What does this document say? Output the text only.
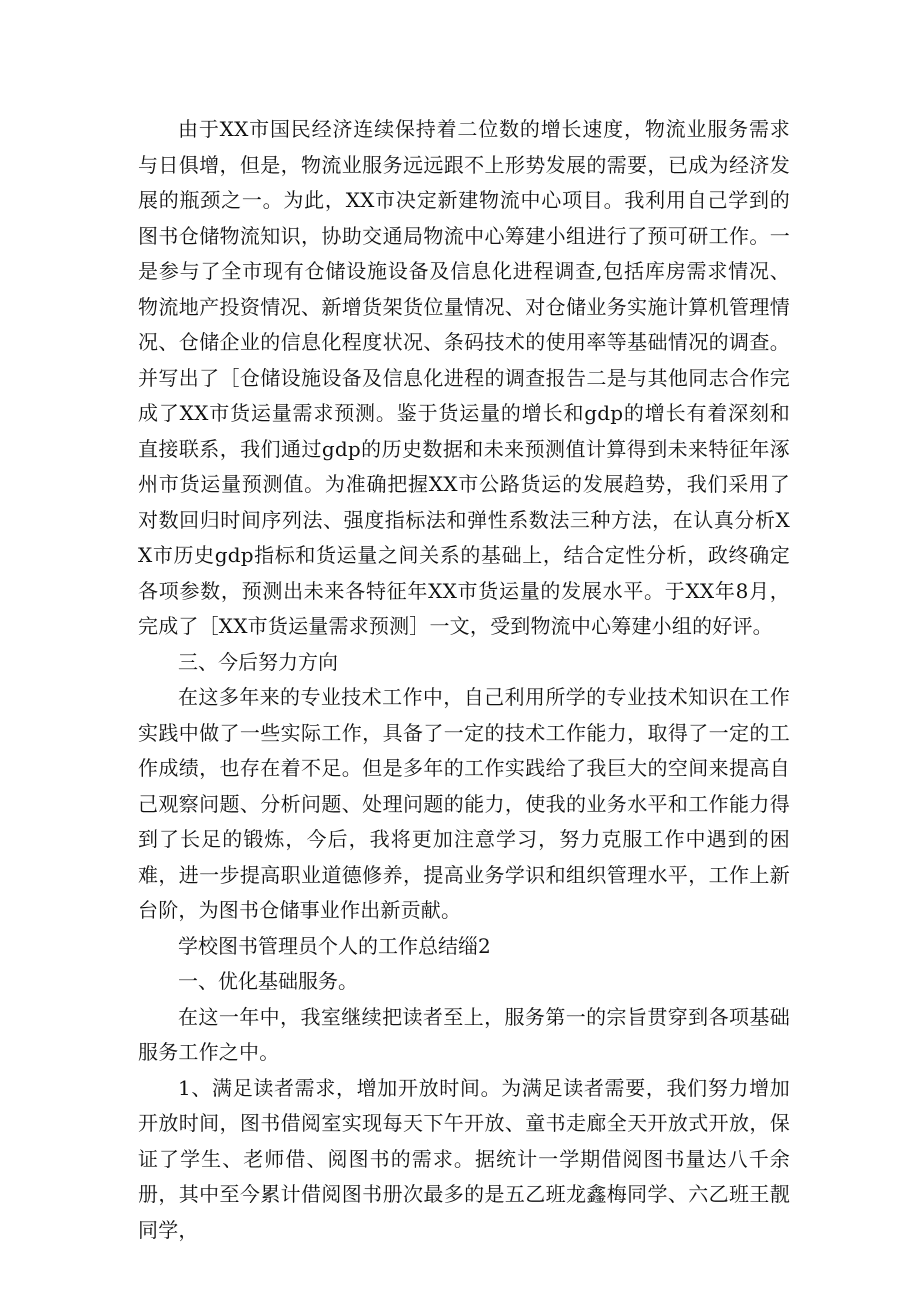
由于XX市国民经济连续保持着二位数的增长速度，物流业服务需求与日俱增，但是，物流业服务远远跟不上形势发展的需要，已成为经济发展的瓶颈之一。为此，XX市决定新建物流中心项目。我利用自己学到的图书仓储物流知识，协助交通局物流中心筹建小组进行了预可研工作。一是参与了全市现有仓储设施设备及信息化进程调查,包括库房需求情况、物流地产投资情况、新增货架货位量情况、对仓储业务实施计算机管理情况、仓储企业的信息化程度状况、条码技术的使用率等基础情况的调查。并写出了［仓储设施设备及信息化进程的调查报告二是与其他同志合作完成了XX市货运量需求预测。鉴于货运量的增长和gdp的增长有着深刻和直接联系，我们通过gdp的历史数据和未来预测值计算得到未来特征年涿州市货运量预测值。为准确把握XX市公路货运的发展趋势，我们采用了对数回归时间序列法、强度指标法和弹性系数法三种方法，在认真分析XX市历史gdp指标和货运量之间关系的基础上，结合定性分析，政终确定各项参数，预测出未来各特征年XX市货运量的发展水平。于XX年8月，完成了［XX市货运量需求预测］一文，受到物流中心筹建小组的好评。

三、今后努力方向

在这多年来的专业技术工作中，自己利用所学的专业技术知识在工作实践中做了一些实际工作，具备了一定的技术工作能力，取得了一定的工作成绩，也存在着不足。但是多年的工作实践给了我巨大的空间来提高自己观察问题、分析问题、处理问题的能力，使我的业务水平和工作能力得到了长足的锻炼，今后，我将更加注意学习，努力克服工作中遇到的困难，进一步提高职业道德修养，提高业务学识和组织管理水平，工作上新台阶，为图书仓储事业作出新贡献。

学校图书管理员个人的工作总结缁2

一、优化基础服务。

在这一年中，我室继续把读者至上，服务第一的宗旨贯穿到各项基础服务工作之中。

1、满足读者需求，增加开放时间。为满足读者需要，我们努力增加开放时间，图书借阅室实现每天下午开放、童书走廊全天开放式开放，保证了学生、老师借、阅图书的需求。据统计一学期借阅图书量达八千余册，其中至今累计借阅图书册次最多的是五乙班龙鑫梅同学、六乙班王靓同学，
